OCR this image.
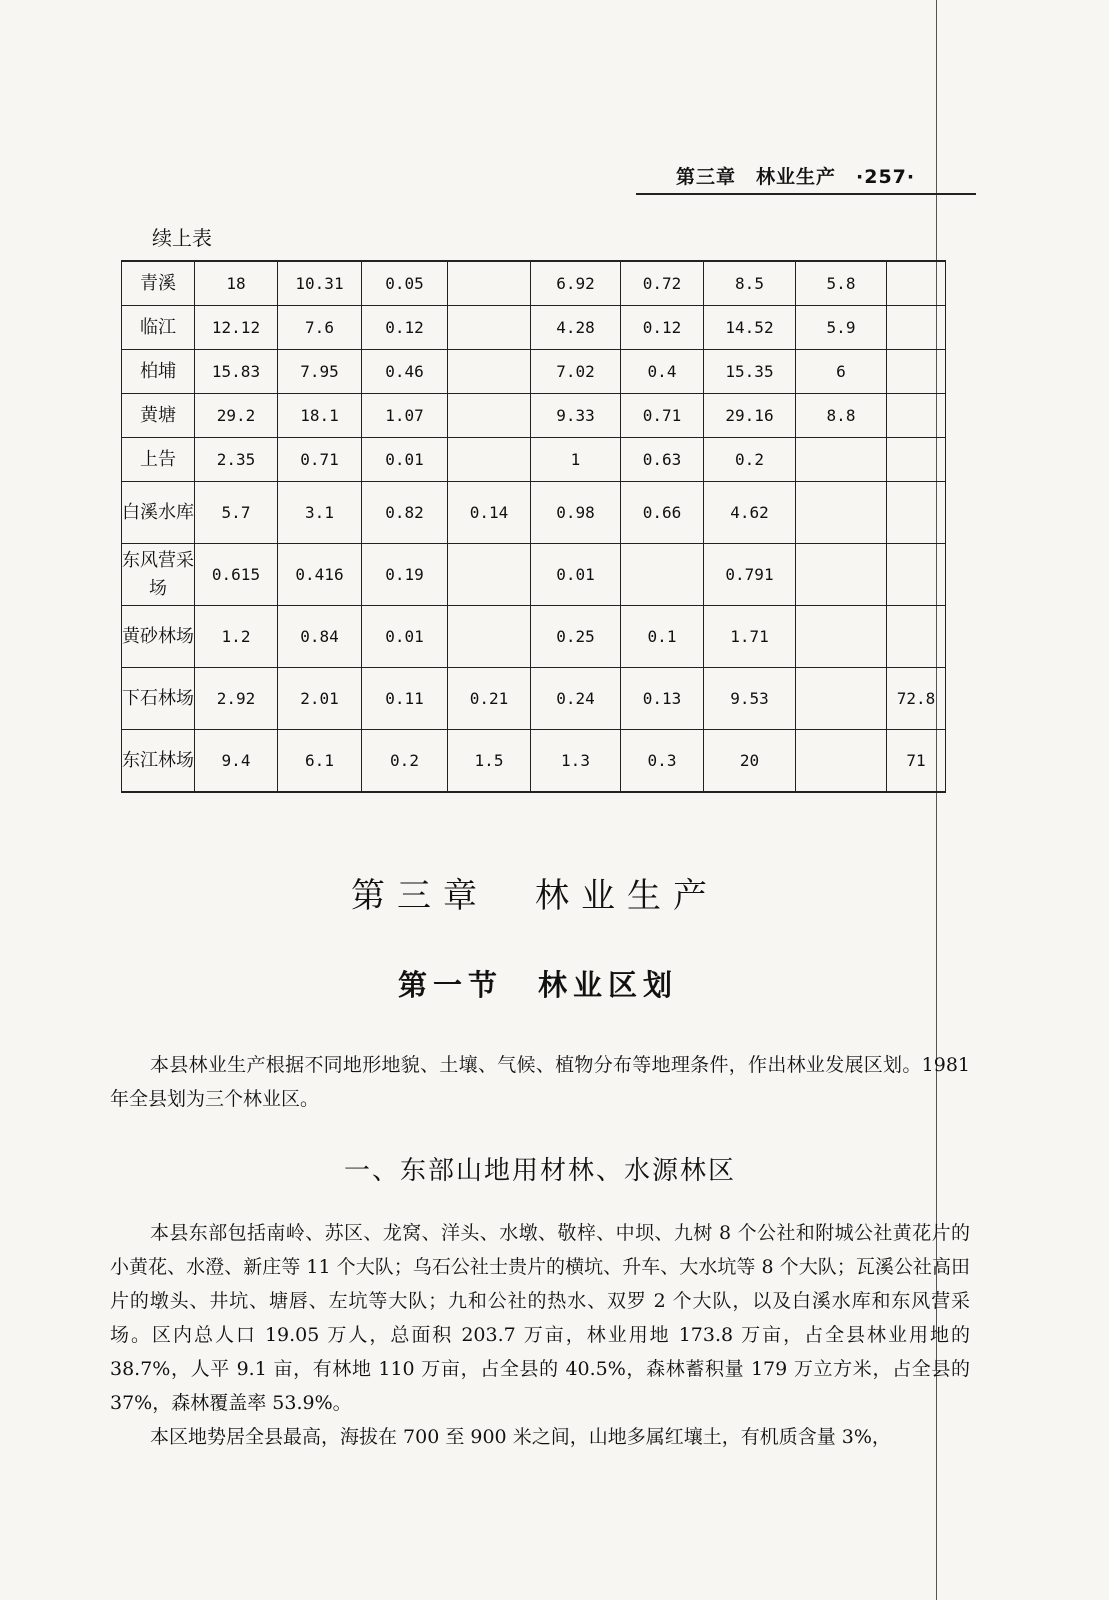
第三章　林业生产　·257·
续上表
青溪	18	10.31	0.05		6.92	0.72	8.5	5.8	
临江	12.12	7.6	0.12		4.28	0.12	14.52	5.9	
柏埔	15.83	7.95	0.46		7.02	0.4	15.35	6	
黄塘	29.2	18.1	1.07		9.33	0.71	29.16	8.8	
上告	2.35	0.71	0.01		1	0.63	0.2		
白溪水库	5.7	3.1	0.82	0.14	0.98	0.66	4.62		
东风营采场	0.615	0.416	0.19		0.01		0.791		
黄砂林场	1.2	0.84	0.01		0.25	0.1	1.71		
下石林场	2.92	2.01	0.11	0.21	0.24	0.13	9.53		72.8
东江林场	9.4	6.1	0.2	1.5	1.3	0.3	20		71
第三章　林业生产
第一节　林业区划

本县林业生产根据不同地形地貌、土壤、气候、植物分布等地理条件，作出林业发展区划。1981年全县划为三个林业区。

一、东部山地用材林、水源林区

本县东部包括南岭、苏区、龙窝、洋头、水墩、敬梓、中坝、九树 8 个公社和附城公社黄花片的小黄花、水澄、新庄等 11 个大队；乌石公社士贵片的横坑、升车、大水坑等 8 个大队；瓦溪公社高田片的墩头、井坑、塘唇、左坑等大队；九和公社的热水、双罗 2 个大队，以及白溪水库和东风营采场。区内总人口 19.05 万人，总面积 203.7 万亩，林业用地 173.8 万亩，占全县林业用地的 38.7%，人平 9.1 亩，有林地 110 万亩，占全县的 40.5%，森林蓄积量 179 万立方米，占全县的 37%，森林覆盖率 53.9%。

本区地势居全县最高，海拔在 700 至 900 米之间，山地多属红壤土，有机质含量 3%，
